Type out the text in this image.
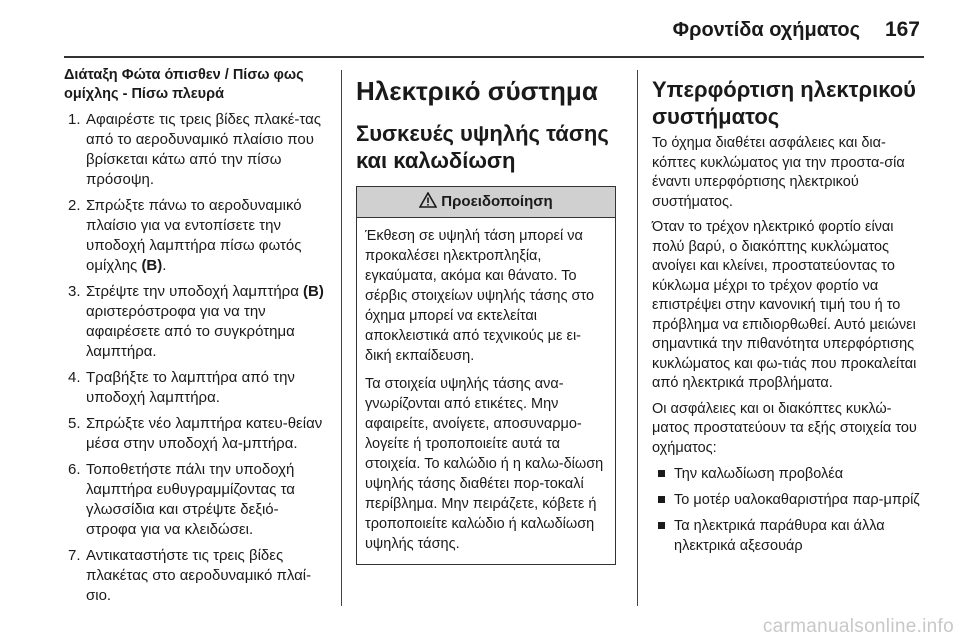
Φροντίδα οχήματος 167
Διάταξη Φώτα όπισθεν / Πίσω φως ομίχλης - Πίσω πλευρά
1. Αφαιρέστε τις τρεις βίδες πλακέ-τας από το αεροδυναμικό πλαίσιο που βρίσκεται κάτω από την πίσω πρόσοψη.
2. Σπρώξτε πάνω το αεροδυναμικό πλαίσιο για να εντοπίσετε την υποδοχή λαμπτήρα πίσω φωτός ομίχλης (B).
3. Στρέψτε την υποδοχή λαμπτήρα (B) αριστερόστροφα για να την αφαιρέσετε από το συγκρότημα λαμπτήρα.
4. Τραβήξτε το λαμπτήρα από την υποδοχή λαμπτήρα.
5. Σπρώξτε νέο λαμπτήρα κατευ-θείαν μέσα στην υποδοχή λα-μπτήρα.
6. Τοποθετήστε πάλι την υποδοχή λαμπτήρα ευθυγραμμίζοντας τα γλωσσίδια και στρέψτε δεξιό-στροφα για να κλειδώσει.
7. Αντικαταστήστε τις τρεις βίδες πλακέτας στο αεροδυναμικό πλαί-σιο.
Ηλεκτρικό σύστημα
Συσκευές υψηλής τάσης και καλωδίωση
Προειδοποίηση

Έκθεση σε υψηλή τάση μπορεί να προκαλέσει ηλεκτροπληξία, εγκαύματα, ακόμα και θάνατο. Το σέρβις στοιχείων υψηλής τάσης στο όχημα μπορεί να εκτελείται αποκλειστικά από τεχνικούς με ει-δική εκπαίδευση.

Τα στοιχεία υψηλής τάσης ανα-γνωρίζονται από ετικέτες. Μην αφαιρείτε, ανοίγετε, αποσυναρμο-λογείτε ή τροποποιείτε αυτά τα στοιχεία. Το καλώδιο ή η καλω-δίωση υψηλής τάσης διαθέτει πορ-τοκαλί περίβλημα. Μην πειράζετε, κόβετε ή τροποποιείτε καλώδιο ή καλωδίωση υψηλής τάσης.

Υπερφόρτιση ηλεκτρικού συστήματος

Το όχημα διαθέτει ασφάλειες και δια-κόπτες κυκλώματος για την προστα-σία έναντι υπερφόρτισης ηλεκτρικού συστήματος.

Όταν το τρέχον ηλεκτρικό φορτίο είναι πολύ βαρύ, ο διακόπτης κυκλώματος ανοίγει και κλείνει, προστατεύοντας το κύκλωμα μέχρι το τρέχον φορτίο να επιστρέψει στην κανονική τιμή του ή το πρόβλημα να επιδιορθωθεί. Αυτό μειώνει σημαντικά την πιθανότητα υπερφόρτισης κυκλώματος και φω-τιάς που προκαλείται από ηλεκτρικά προβλήματα.

Οι ασφάλειες και οι διακόπτες κυκλώ-ματος προστατεύουν τα εξής στοιχεία του οχήματος:

Την καλωδίωση προβολέα
Το μοτέρ υαλοκαθαριστήρα παρ-μπρίζ
Τα ηλεκτρικά παράθυρα και άλλα ηλεκτρικά αξεσουάρ
carmanualsonline.info
